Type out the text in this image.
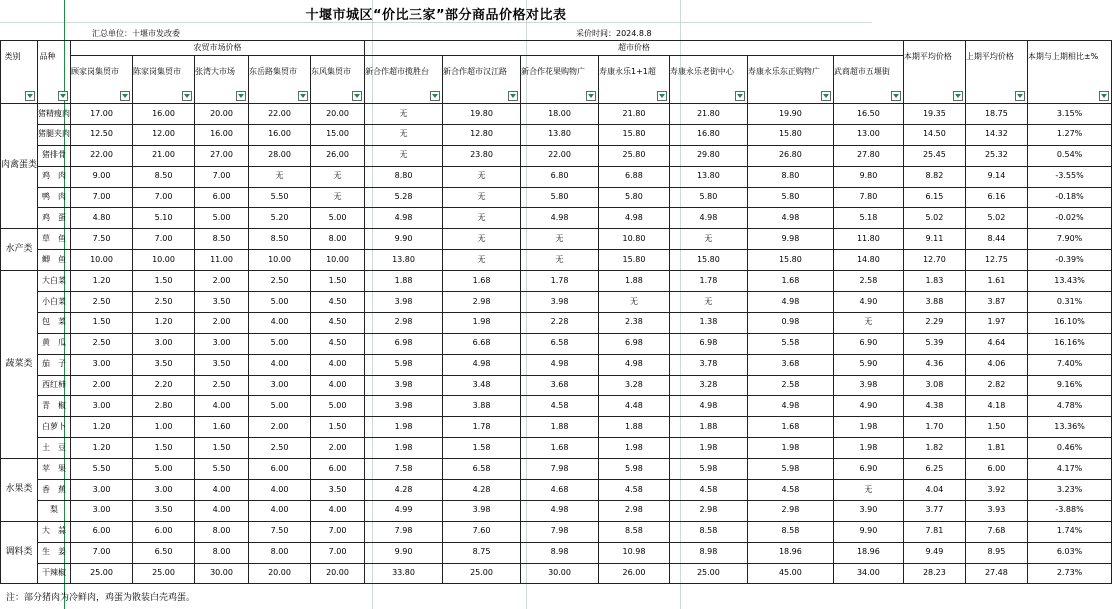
十堰市城区“价比三家”部分商品价格对比表
汇总单位：十堰市发改委	采价时间：2024.8.8
类别	品种	农贸市场价格					超市价格							本期平均价格	上期平均价格	本期与上期相比±%

		顾家岗集贸市	陈家岗集贸市	张湾大市场	东岳路集贸市	东风集贸市	新合作超市揽胜台	新合作超市汉江路	新合作花果购物广	寿康永乐1+1超	寿康永乐老街中心	寿康永乐东正购物广	武商超市五堰街			

肉禽蛋类	猪精瘦肉	17.00	16.00	20.00	22.00	20.00	无	19.80	18.00	21.80	21.80	19.90	16.50	19.35	18.75	3.15%
	猪腿夹肉	12.50	12.00	16.00	16.00	15.00	无	12.80	13.80	15.80	16.80	15.80	13.00	14.50	14.32	1.27%
	猪排骨	22.00	21.00	27.00	28.00	26.00	无	23.80	22.00	25.80	29.80	26.80	27.80	25.45	25.32	0.54%
	鸡　肉	9.00	8.50	7.00	无	无	8.80	无	6.80	6.88	13.80	8.80	9.80	8.82	9.14	-3.55%
	鸭　肉	7.00	7.00	6.00	5.50	无	5.28	无	5.80	5.80	5.80	5.80	7.80	6.15	6.16	-0.18%
	鸡　蛋	4.80	5.10	5.00	5.20	5.00	4.98	无	4.98	4.98	4.98	4.98	5.18	5.02	5.02	-0.02%
水产类	草　鱼	7.50	7.00	8.50	8.50	8.00	9.90	无	无	10.80	无	9.98	11.80	9.11	8.44	7.90%
	鲫　鱼	10.00	10.00	11.00	10.00	10.00	13.80	无	无	15.80	15.80	15.80	14.80	12.70	12.75	-0.39%
蔬菜类	大白菜	1.20	1.50	2.00	2.50	1.50	1.88	1.68	1.78	1.88	1.78	1.68	2.58	1.83	1.61	13.43%
	小白菜	2.50	2.50	3.50	5.00	4.50	3.98	2.98	3.98	无	无	4.98	4.90	3.88	3.87	0.31%
	包　菜	1.50	1.20	2.00	4.00	4.50	2.98	1.98	2.28	2.38	1.38	0.98	无	2.29	1.97	16.10%
	黄　瓜	2.50	3.00	3.00	5.00	4.50	6.98	6.68	6.58	6.98	6.98	5.58	6.90	5.39	4.64	16.16%
	茄　子	3.00	3.50	3.50	4.00	4.00	5.98	4.98	4.98	4.98	3.78	3.68	5.90	4.36	4.06	7.40%
	西红柿	2.00	2.20	2.50	3.00	4.00	3.98	3.48	3.68	3.28	3.28	2.58	3.98	3.08	2.82	9.16%
	青　椒	3.00	2.80	4.00	5.00	5.00	3.98	3.88	4.58	4.48	4.98	4.98	4.90	4.38	4.18	4.78%
	白萝卜	1.20	1.00	1.60	2.00	1.50	1.98	1.78	1.88	1.88	1.88	1.68	1.98	1.70	1.50	13.36%
	土　豆	1.20	1.50	1.50	2.50	2.00	1.98	1.58	1.68	1.98	1.98	1.98	1.98	1.82	1.81	0.46%
水果类	苹　果	5.50	5.00	5.50	6.00	6.00	7.58	6.58	7.98	5.98	5.98	5.98	6.90	6.25	6.00	4.17%
	香　蕉	3.00	3.00	4.00	4.00	3.50	4.28	4.28	4.68	4.58	4.58	4.58	无	4.04	3.92	3.23%
	梨	3.00	3.50	4.00	4.00	4.00	4.99	3.98	4.98	2.98	2.98	2.98	3.90	3.77	3.93	-3.88%
调料类	大　蒜	6.00	6.00	8.00	7.50	7.00	7.98	7.60	7.98	8.58	8.58	8.58	9.90	7.81	7.68	1.74%
	生　姜	7.00	6.50	8.00	8.00	7.00	9.90	8.75	8.98	10.98	8.98	18.96	18.96	9.49	8.95	6.03%
	干辣椒	25.00	25.00	30.00	20.00	20.00	33.80	25.00	30.00	26.00	25.00	45.00	34.00	28.23	27.48	2.73%
注：部分猪肉为冷鲜肉，鸡蛋为散装白壳鸡蛋。
